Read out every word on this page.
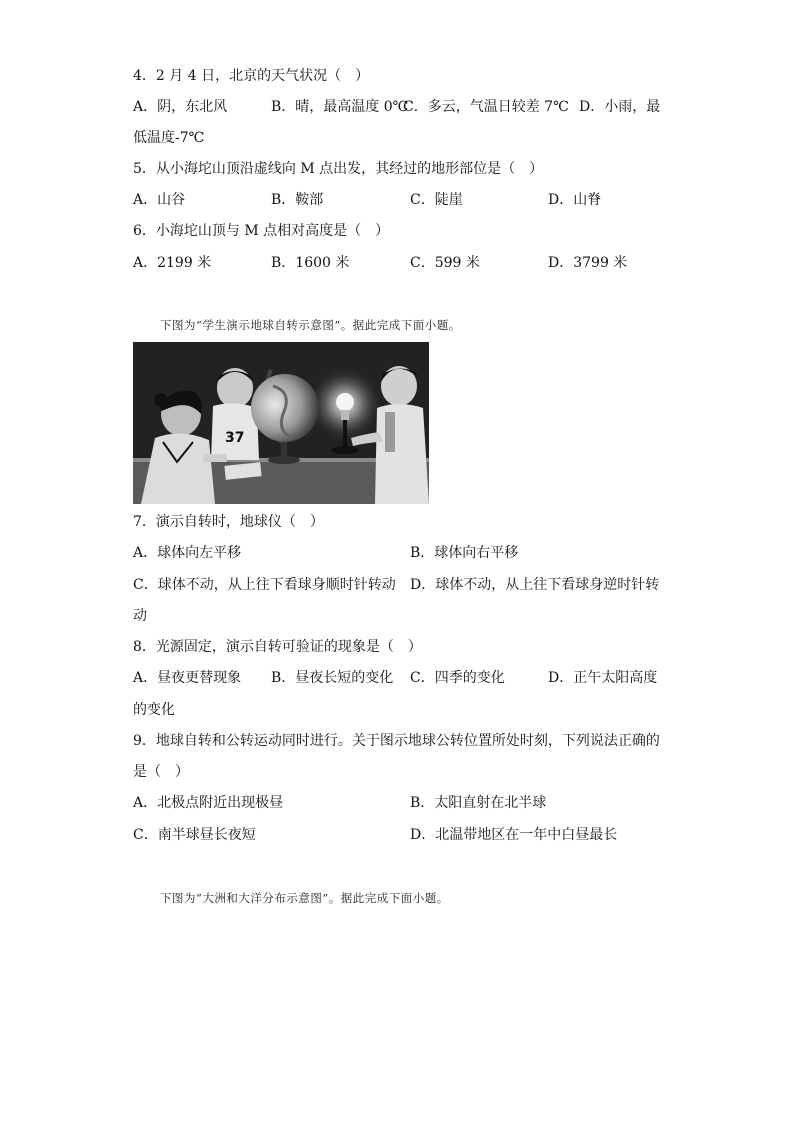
4．2 月 4 日，北京的天气状况（　）
A．阴，东北风	B．晴，最高温度 0℃
C．多云，气温日较差 7℃ D．小雨，最
低温度-7℃
5．从小海坨山顶沿虚线向 M 点出发，其经过的地形部位是（　）
A．山谷	B．鞍部	C．陡崖	D．山脊
6．小海坨山顶与 M 点相对高度是（　）
A．2199 米	B．1600 米	C．599 米	D．3799 米
下图为“学生演示地球自转示意图”。据此完成下面小题。
37
7．演示自转时，地球仪（　）
A．球体向左平移	B．球体向右平移
C．球体不动，从上往下看球身顺时针转动 D．球体不动，从上往下看球身逆时针转
动
8．光源固定，演示自转可验证的现象是（　）
A．昼夜更替现象 B．昼夜长短的变化 C．四季的变化	D．正午太阳高度
的变化
9．地球自转和公转运动同时进行。关于图示地球公转位置所处时刻，下列说法正确的
是（　）
A．北极点附近出现极昼	B．太阳直射在北半球
C．南半球昼长夜短	D．北温带地区在一年中白昼最长
下图为“大洲和大洋分布示意图”。据此完成下面小题。
